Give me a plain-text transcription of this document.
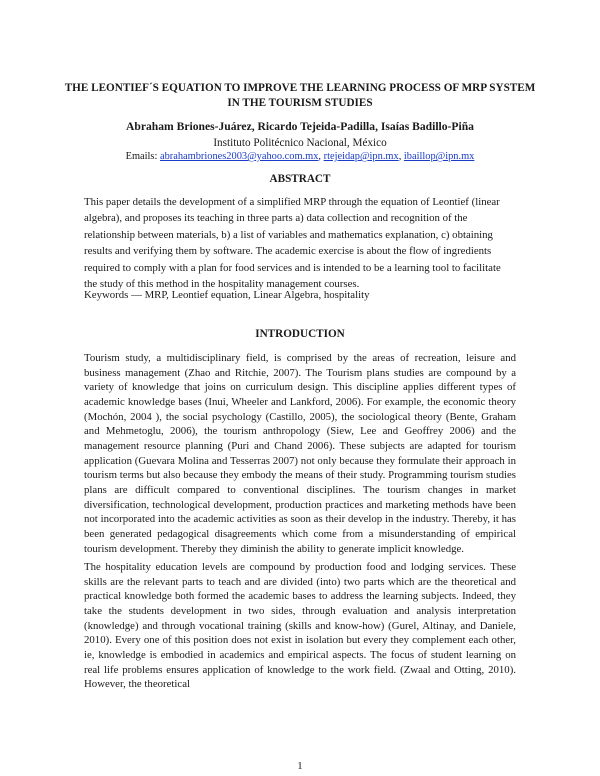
THE LEONTIEF´S EQUATION TO IMPROVE THE LEARNING PROCESS OF MRP SYSTEM IN THE TOURISM STUDIES
Abraham Briones-Juárez, Ricardo Tejeida-Padilla, Isaías Badillo-Piña
Instituto Politécnico Nacional, México
Emails: abrahambriones2003@yahoo.com.mx, rtejeidap@ipn.mx, ibaillop@ipn.mx
ABSTRACT

This paper details the development of a simplified MRP through the equation of Leontief (linear algebra), and proposes its teaching in three parts a) data collection and recognition of the relationship between materials, b) a list of variables and mathematics explanation, c) obtaining results and verifying them by software. The academic exercise is about the flow of ingredients required to comply with a plan for food services and is intended to be a learning tool to facilitate the study of this method in the hospitality management courses.

Keywords — MRP, Leontief equation, Linear Algebra, hospitality

INTRODUCTION

Tourism study, a multidisciplinary field, is comprised by the areas of recreation, leisure and business management (Zhao and Ritchie, 2007). The Tourism plans studies are compound by a variety of knowledge that joins on curriculum design. This discipline applies different types of academic knowledge bases (Inui, Wheeler and Lankford, 2006). For example, the economic theory (Mochón, 2004 ), the social psychology (Castillo, 2005), the sociological theory (Bente, Graham and Mehmetoglu, 2006), the tourism anthropology (Siew, Lee and Geoffrey 2006) and the management resource planning (Puri and Chand 2006). These subjects are adapted for tourism application (Guevara Molina and Tesserras 2007) not only because they formulate their approach in tourism terms but also because they embody the means of their study. Programming tourism studies plans are difficult compared to conventional disciplines. The tourism changes in market diversification, technological development, production practices and marketing methods have been not incorporated into the academic activities as soon as their develop in the industry. Thereby, it has been generated pedagogical disagreements which come from a misunderstanding of empirical tourism development. Thereby they diminish the ability to generate implicit knowledge.

The hospitality education levels are compound by production food and lodging services. These skills are the relevant parts to teach and are divided (into) two parts which are the theoretical and practical knowledge both formed the academic bases to address the learning subjects. Indeed, they take the students development in two sides, through evaluation and analysis interpretation (knowledge) and through vocational training (skills and know-how) (Gurel, Altinay, and Daniele, 2010). Every one of this position does not exist in isolation but every they complement each other, ie, knowledge is embodied in academics and empirical aspects. The focus of student learning on real life problems ensures application of knowledge to the work field. (Zwaal and Otting, 2010). However, the theoretical

1
